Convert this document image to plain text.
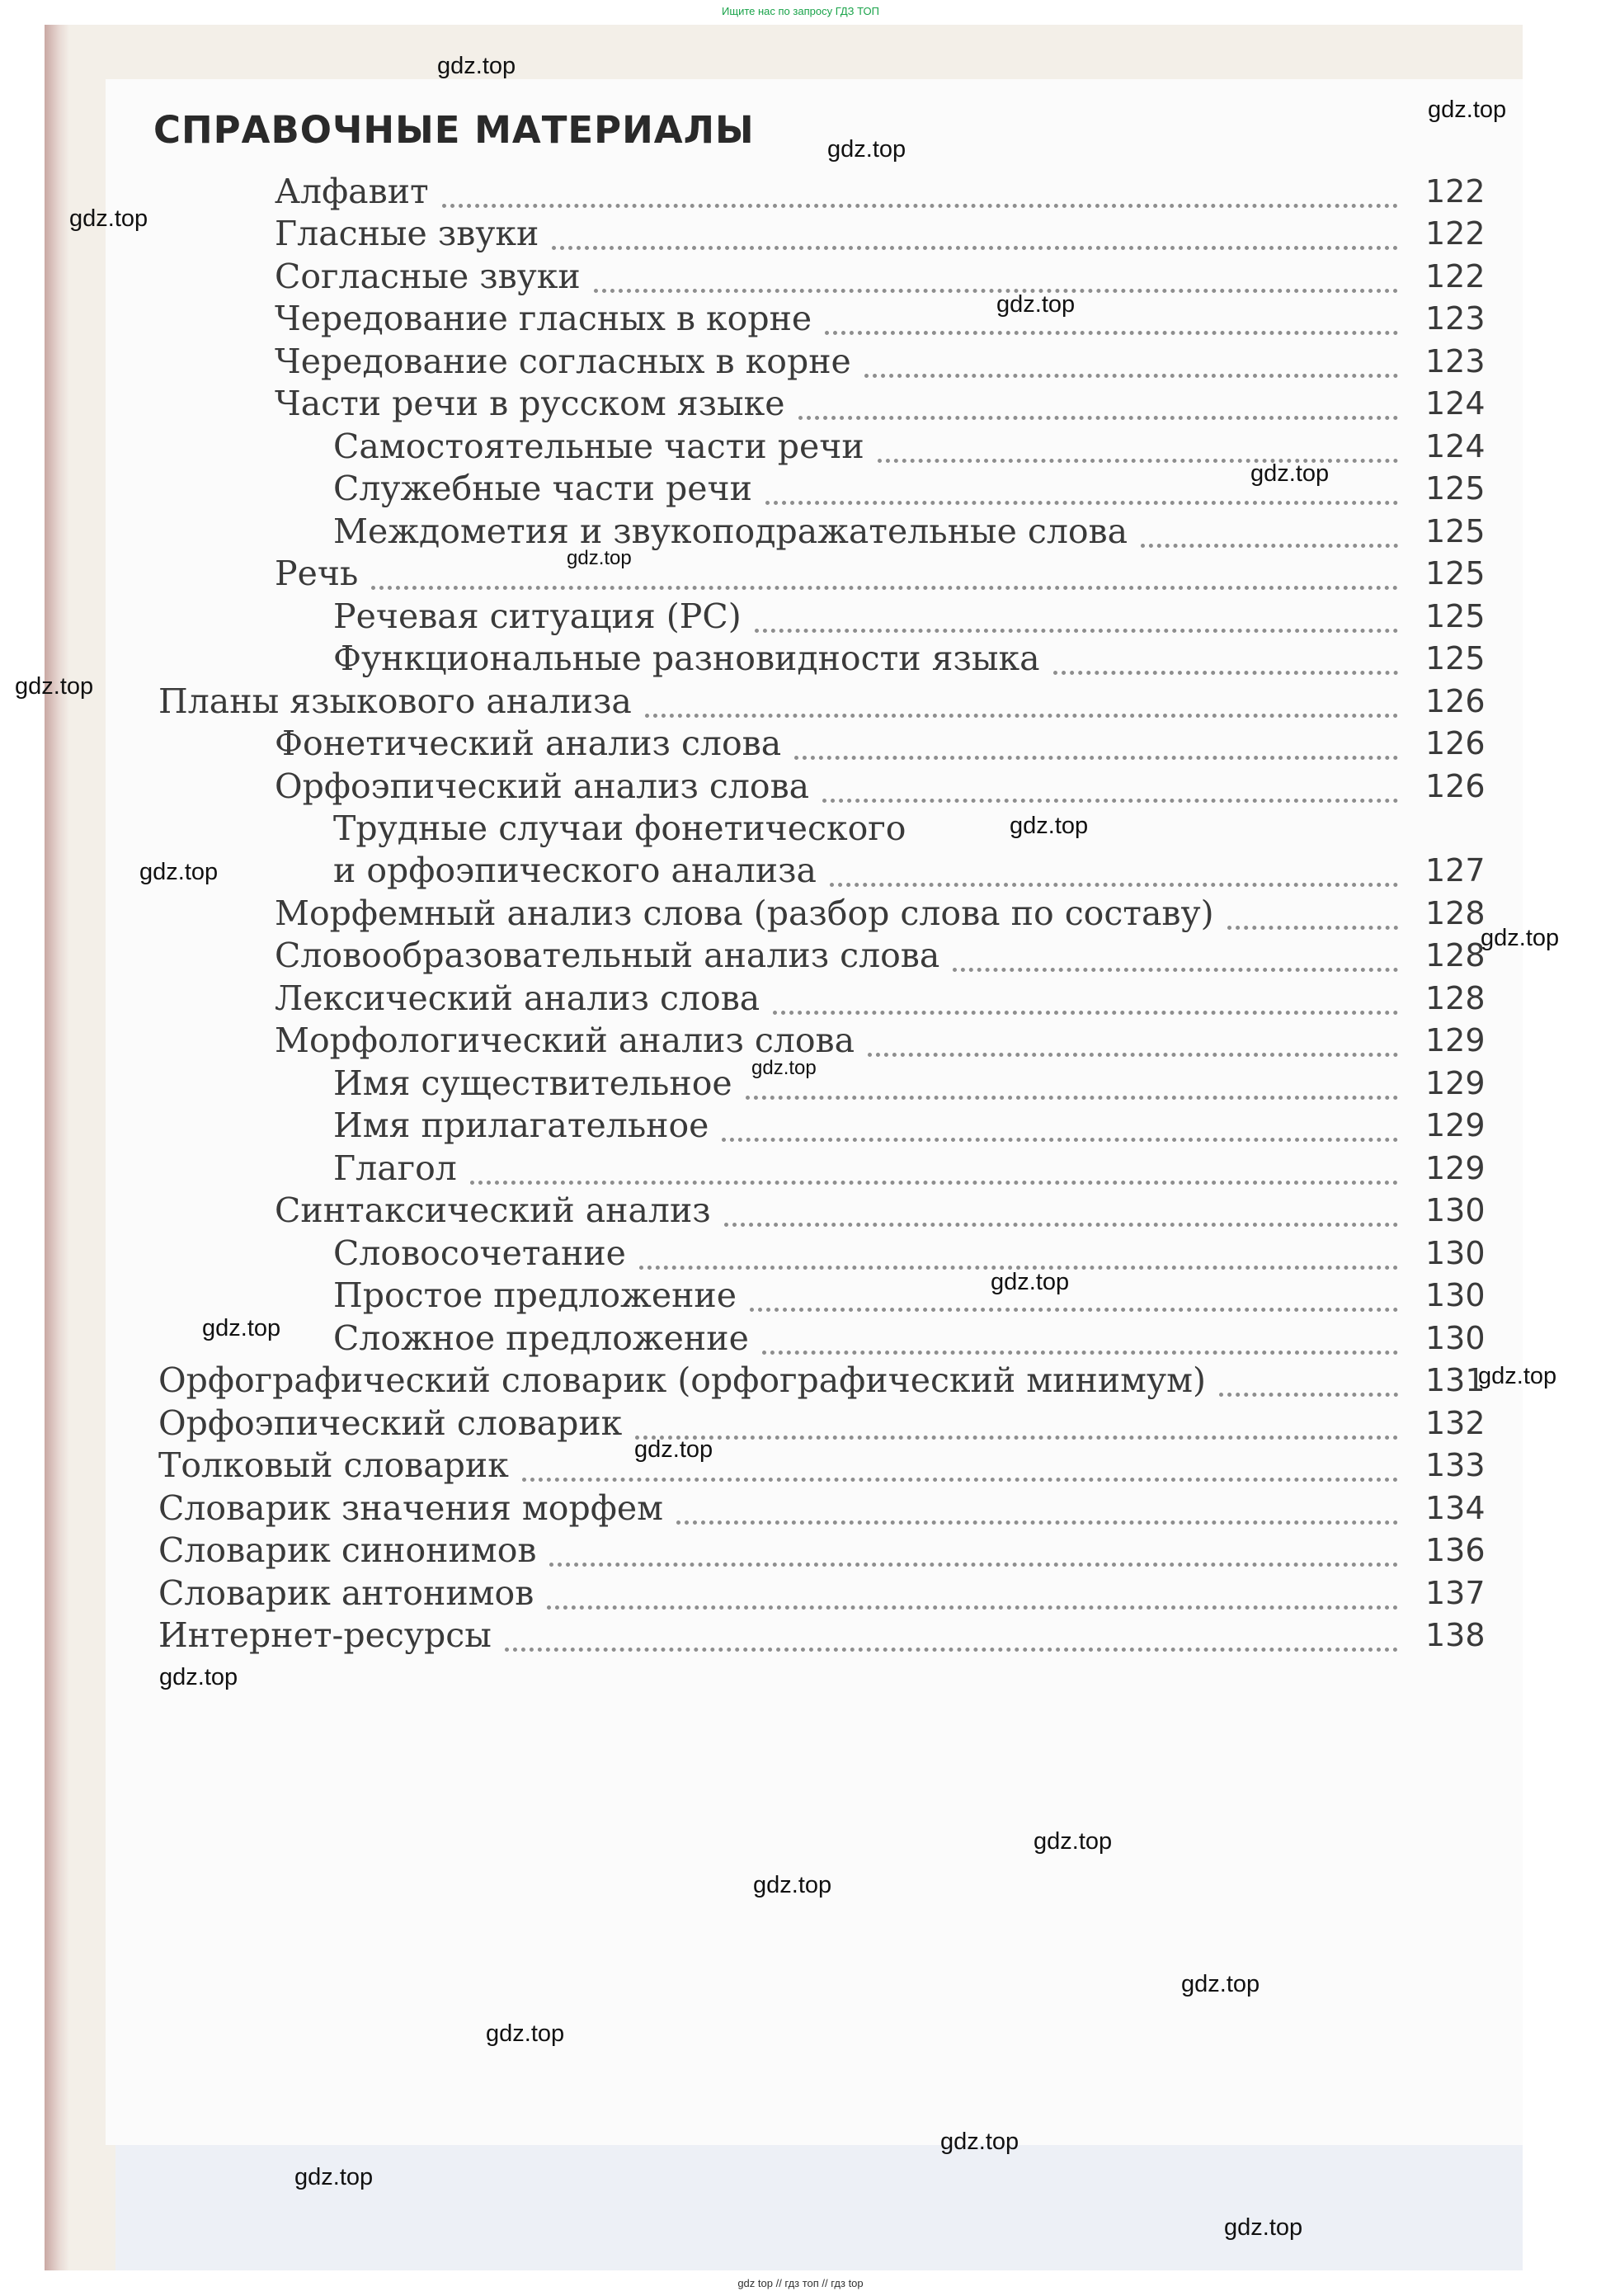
Ищите нас по запросу ГДЗ ТОП
СПРАВОЧНЫЕ МАТЕРИАЛЫ
Алфавит	122
Гласные звуки	122
Согласные звуки	122
Чередование гласных в корне	123
Чередование согласных в корне	123
Части речи в русском языке	124
Самостоятельные части речи	124
Служебные части речи	125
Междометия и звукоподражательные слова	125
Речь	125
Речевая ситуация (РС)	125
Функциональные разновидности языка	125
Планы языкового анализа	126
Фонетический анализ слова	126
Орфоэпический анализ слова	126
Трудные случаи фонетического
и орфоэпического анализа	127
Морфемный анализ слова (разбор слова по составу)	128
Словообразовательный анализ слова	128
Лексический анализ слова	128
Морфологический анализ слова	129
Имя существительное	129
Имя прилагательное	129
Глагол	129
Синтаксический анализ	130
Словосочетание	130
Простое предложение	130
Сложное предложение	130
Орфографический словарик (орфографический минимум)	131
Орфоэпический словарик	132
Толковый словарик	133
Словарик значения морфем	134
Словарик синонимов	136
Словарик антонимов	137
Интернет-ресурсы	138
gdz.top
gdz.top
gdz.top
gdz.top
gdz.top
gdz.top
gdz.top
gdz.top
gdz.top
gdz.top
gdz.top
gdz.top
gdz.top
gdz.top
gdz.top
gdz.top
gdz.top
gdz.top
gdz.top
gdz.top
gdz.top
gdz.top
gdz.top
gdz.top
gdz top // гдз топ // гдз top
